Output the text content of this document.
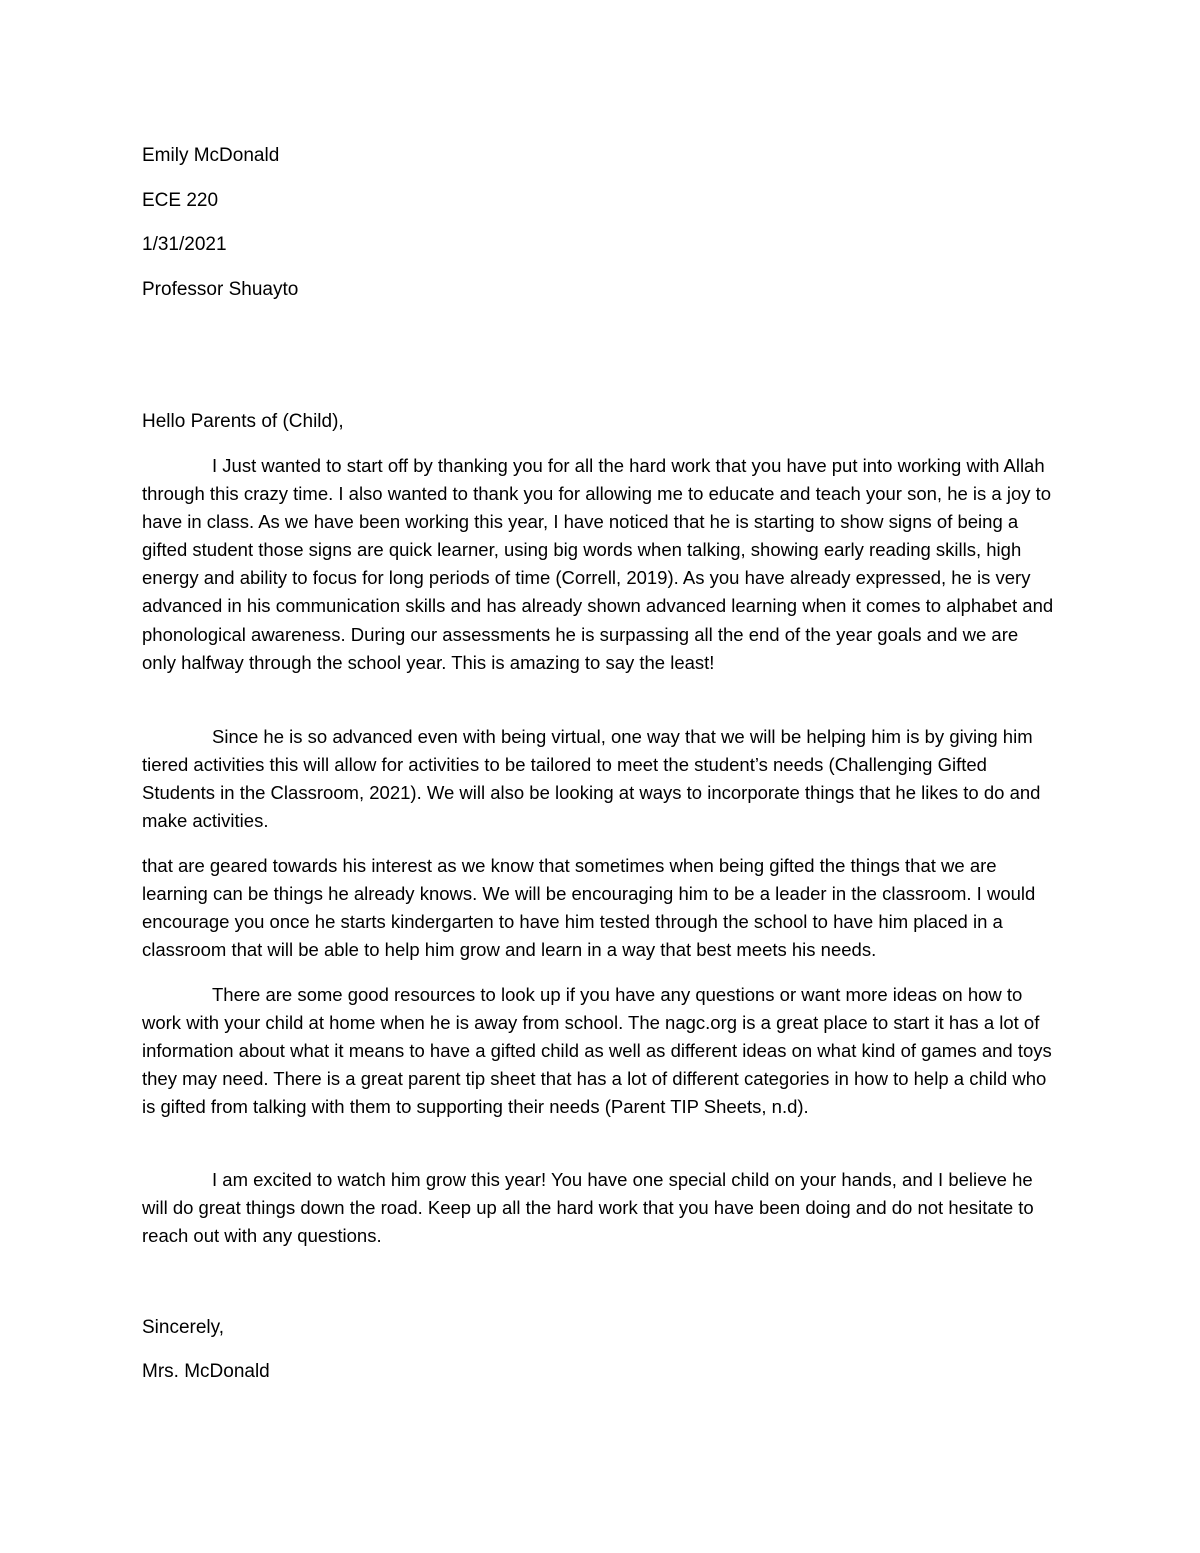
Emily McDonald

ECE 220

1/31/2021

Professor Shuayto

Hello Parents of (Child),

I Just wanted to start off by thanking you for all the hard work that you have put into working with Allah through this crazy time. I also wanted to thank you for allowing me to educate and teach your son, he is a joy to have in class. As we have been working this year, I have noticed that he is starting to show signs of being a gifted student those signs are quick learner, using big words when talking, showing early reading skills, high energy and ability to focus for long periods of time (Correll, 2019). As you have already expressed, he is very advanced in his communication skills and has already shown advanced learning when it comes to alphabet and phonological awareness. During our assessments he is surpassing all the end of the year goals and we are only halfway through the school year. This is amazing to say the least!

Since he is so advanced even with being virtual, one way that we will be helping him is by giving him tiered activities this will allow for activities to be tailored to meet the student’s needs (Challenging Gifted Students in the Classroom, 2021). We will also be looking at ways to incorporate things that he likes to do and make activities.

that are geared towards his interest as we know that sometimes when being gifted the things that we are learning can be things he already knows. We will be encouraging him to be a leader in the classroom. I would encourage you once he starts kindergarten to have him tested through the school to have him placed in a classroom that will be able to help him grow and learn in a way that best meets his needs.

There are some good resources to look up if you have any questions or want more ideas on how to work with your child at home when he is away from school. The nagc.org is a great place to start it has a lot of information about what it means to have a gifted child as well as different ideas on what kind of games and toys they may need. There is a great parent tip sheet that has a lot of different categories in how to help a child who is gifted from talking with them to supporting their needs (Parent TIP Sheets, n.d).

I am excited to watch him grow this year! You have one special child on your hands, and I believe he will do great things down the road. Keep up all the hard work that you have been doing and do not hesitate to reach out with any questions.

Sincerely,

Mrs. McDonald
